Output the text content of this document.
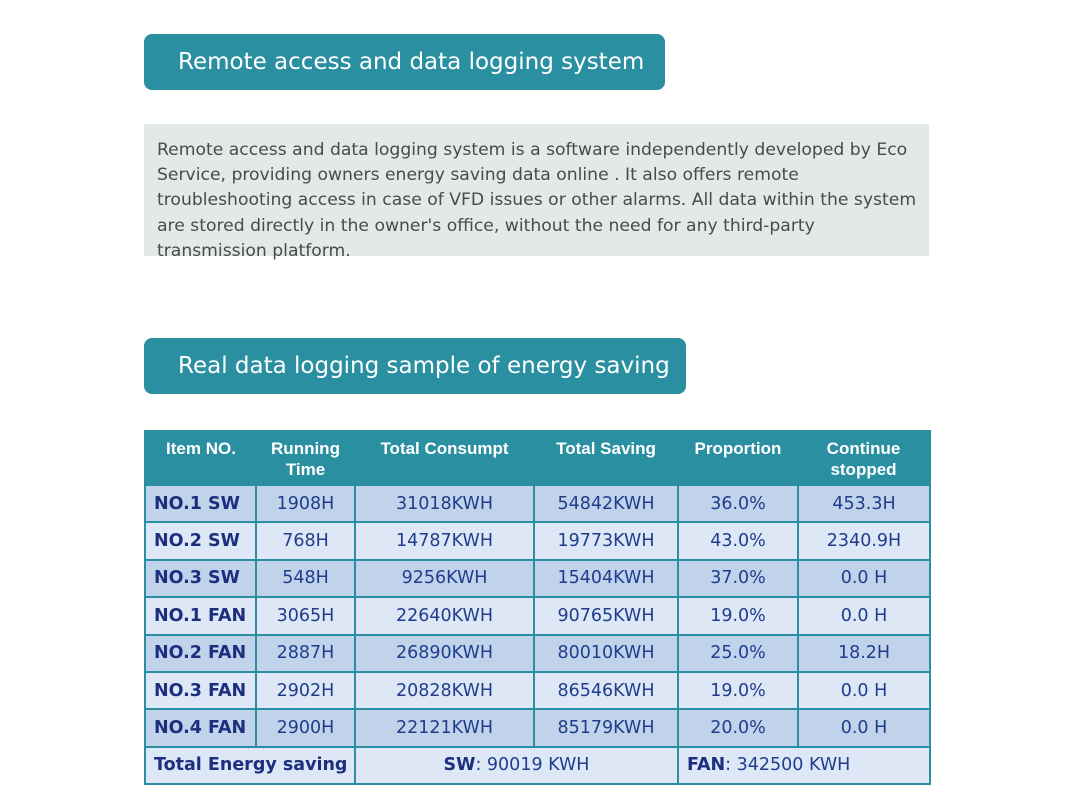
Remote access and data logging system
Remote access and data logging system is a software independently developed by Eco Service, providing owners energy saving data online . It also offers remote troubleshooting access in case of VFD issues or other alarms. All data within the system are stored directly in the owner's office, without the need for any third-party transmission platform.
Real data logging sample of energy saving
Item NO.	Running Time	Total Consumpt	Total Saving	Proportion	Continue stopped
NO.1 SW	1908H	31018KWH	54842KWH	36.0%	453.3H
NO.2 SW	768H	14787KWH	19773KWH	43.0%	2340.9H
NO.3 SW	548H	9256KWH	15404KWH	37.0%	0.0 H
NO.1 FAN	3065H	22640KWH	90765KWH	19.0%	0.0 H
NO.2 FAN	2887H	26890KWH	80010KWH	25.0%	18.2H
NO.3 FAN	2902H	20828KWH	86546KWH	19.0%	0.0 H
NO.4 FAN	2900H	22121KWH	85179KWH	20.0%	0.0 H
Total Energy saving		SW: 90019 KWH		FAN: 342500 KWH	
